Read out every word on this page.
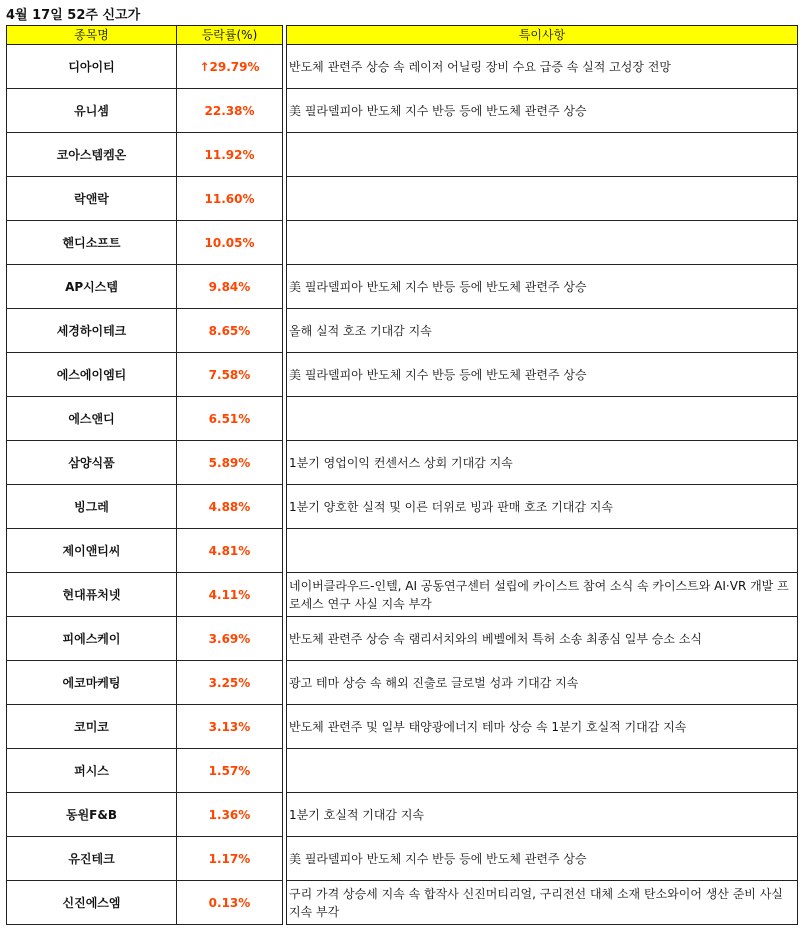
4월 17일 52주 신고가
종목명	등락률(%)		특이사항
디아이티	↑29.79%		반도체 관련주 상승 속 레이저 어닐링 장비 수요 급증 속 실적 고성장 전망
유니셈	22.38%		美 필라델피아 반도체 지수 반등 등에 반도체 관련주 상승
코아스템켐온	11.92%		
락앤락	11.60%		
핸디소프트	10.05%		
AP시스템	9.84%		美 필라델피아 반도체 지수 반등 등에 반도체 관련주 상승
세경하이테크	8.65%		올해 실적 호조 기대감 지속
에스에이엠티	7.58%		美 필라델피아 반도체 지수 반등 등에 반도체 관련주 상승
에스앤디	6.51%		
삼양식품	5.89%		1분기 영업이익 컨센서스 상회 기대감 지속
빙그레	4.88%		1분기 양호한 실적 및 이른 더위로 빙과 판매 호조 기대감 지속
제이앤티씨	4.81%		
현대퓨처넷	4.11%		네이버클라우드-인텔, AI 공동연구센터 설립에 카이스트 참여 소식 속 카이스트와 AI·VR 개발 프로세스 연구 사실 지속 부각
피에스케이	3.69%		반도체 관련주 상승 속 램리서치와의 베벨에처 특허 소송 최종심 일부 승소 소식
에코마케팅	3.25%		광고 테마 상승 속 해외 진출로 글로벌 성과 기대감 지속
코미코	3.13%		반도체 관련주 및 일부 태양광에너지 테마 상승 속 1분기 호실적 기대감 지속
퍼시스	1.57%		
동원F&B	1.36%		1분기 호실적 기대감 지속
유진테크	1.17%		美 필라델피아 반도체 지수 반등 등에 반도체 관련주 상승
신진에스엠	0.13%		구리 가격 상승세 지속 속 합작사 신진머티리얼, 구리전선 대체 소재 탄소와이어 생산 준비 사실 지속 부각
